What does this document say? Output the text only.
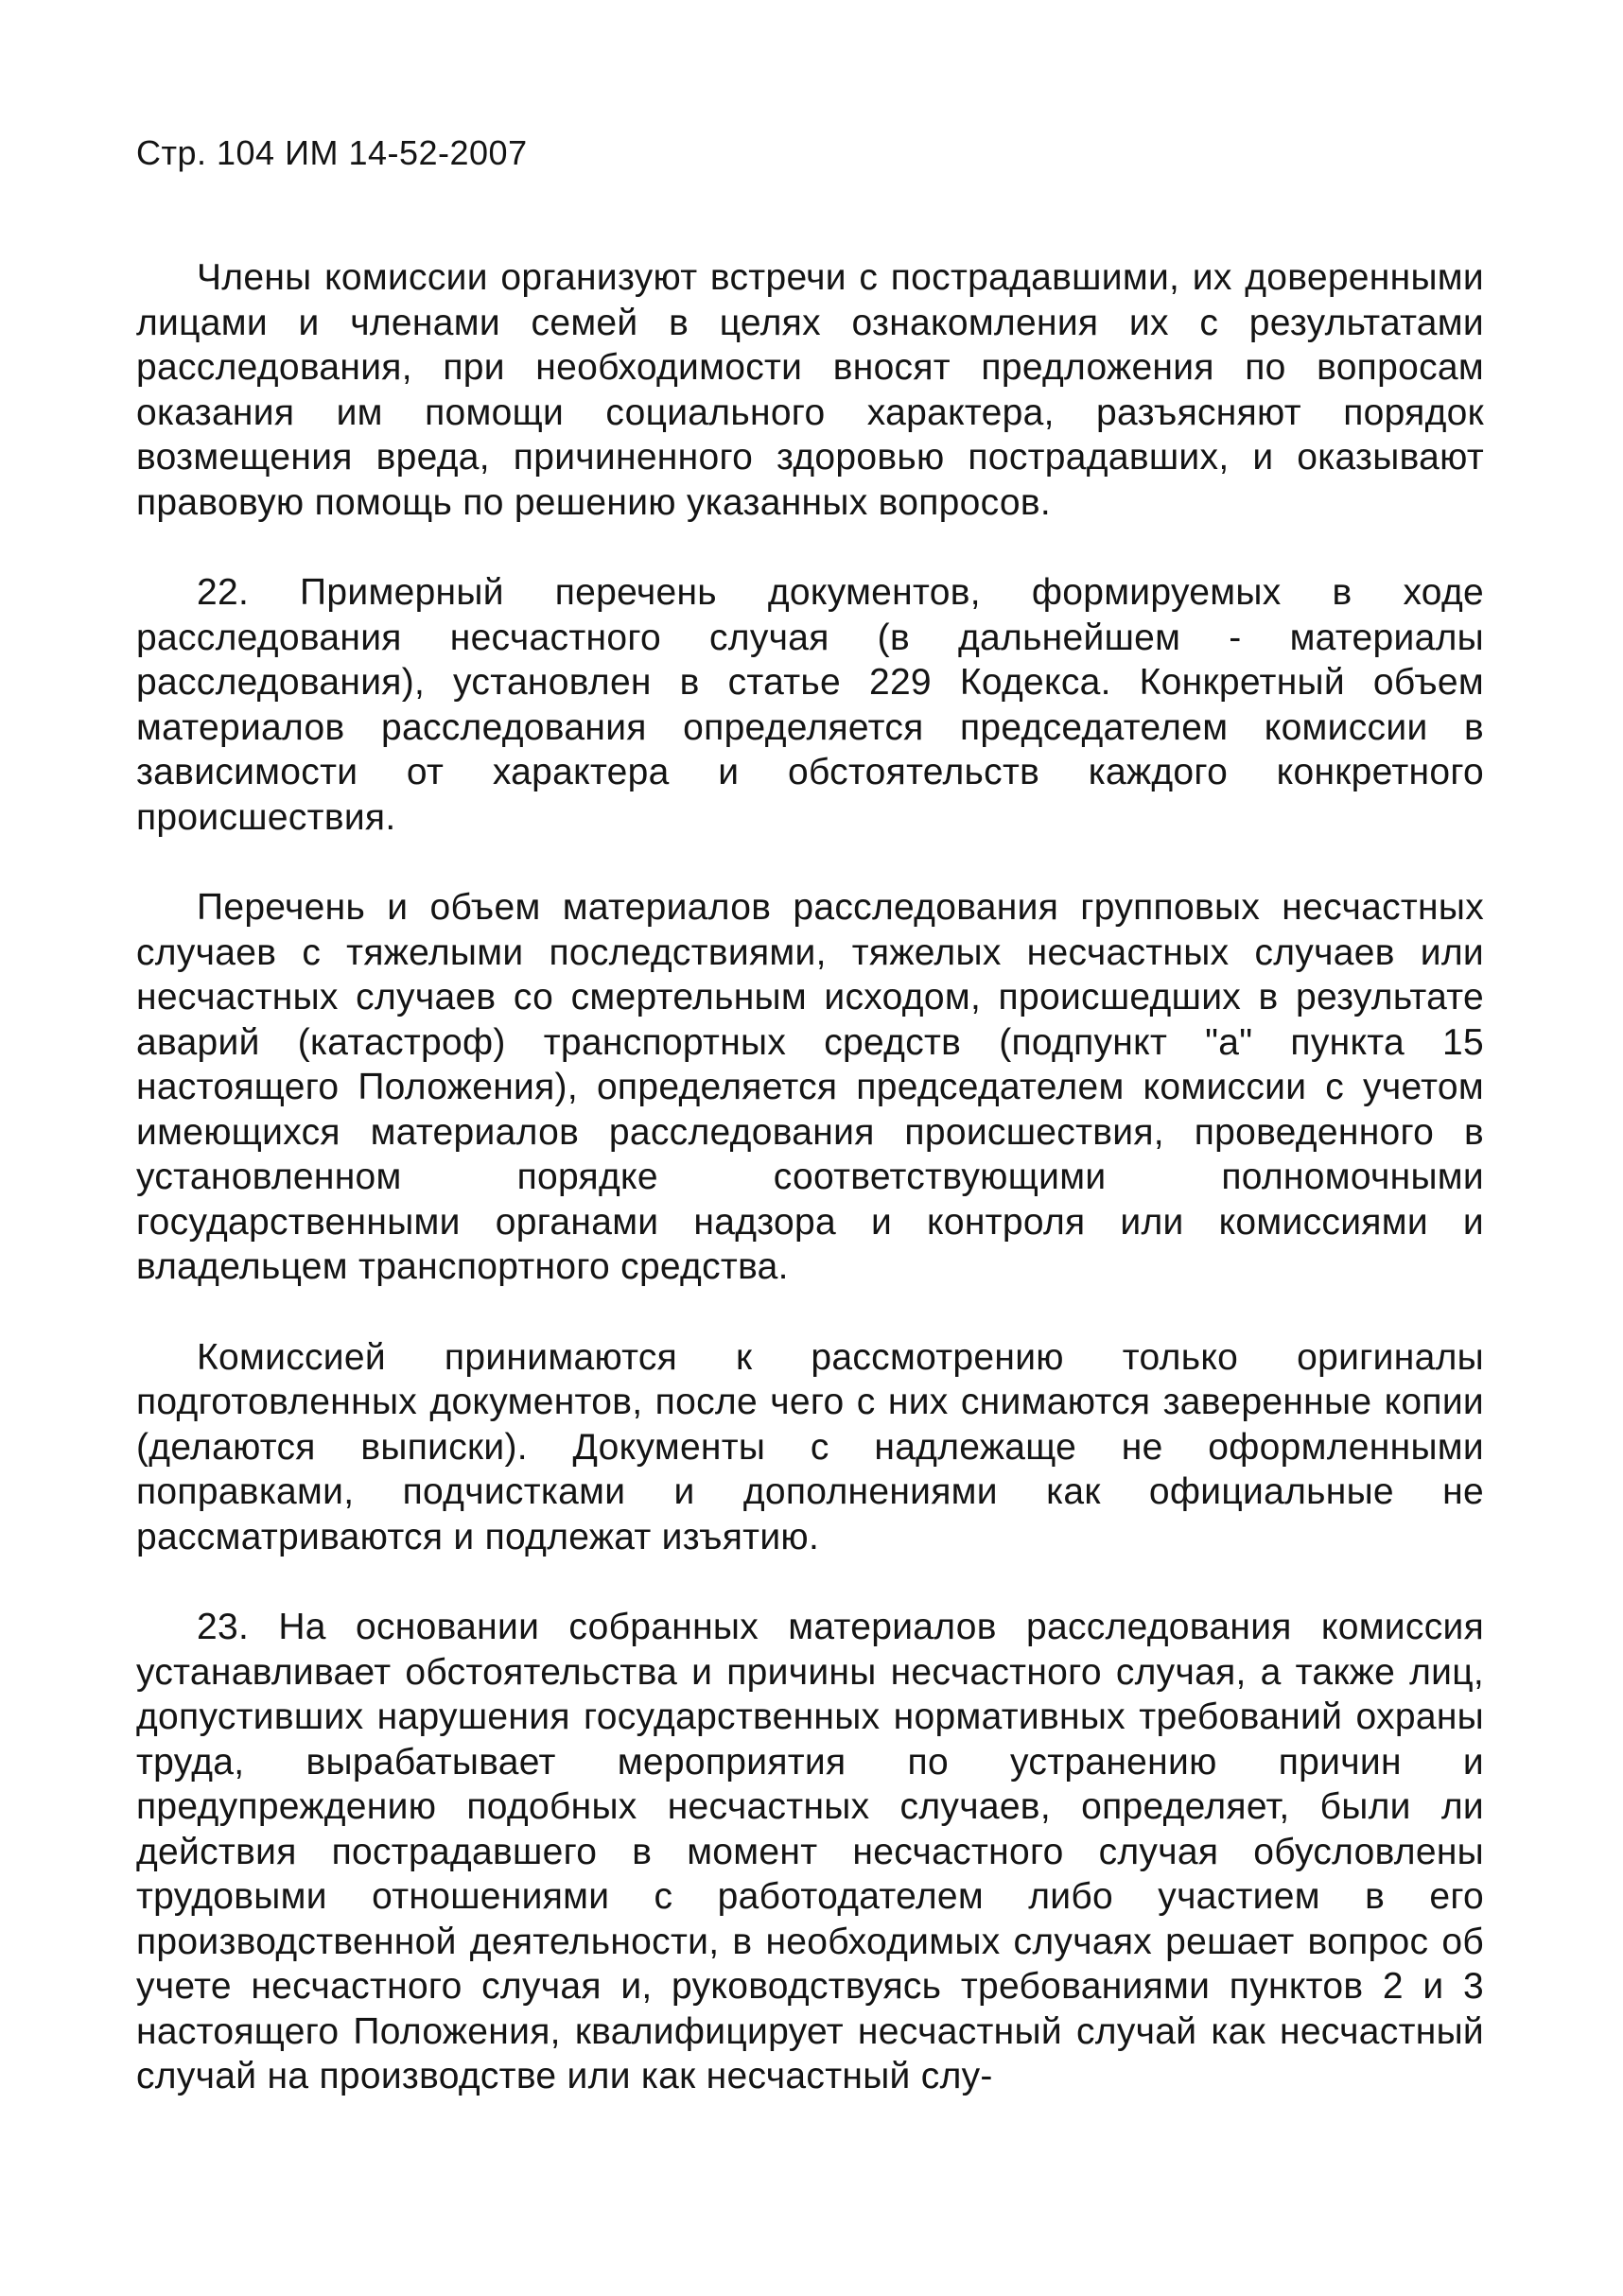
Стр. 104 ИМ 14-52-2007

Члены комиссии организуют встречи с пострадавшими, их доверенными лицами и членами семей в целях ознакомления их с результатами расследования, при необходимости вносят предложения по вопросам оказания им помощи социального характера, разъясняют порядок возмещения вреда, причиненного здоровью пострадавших, и оказывают правовую помощь по решению указанных вопросов.

22. Примерный перечень документов, формируемых в ходе расследования несчастного случая (в дальнейшем - материалы расследования), установлен в статье 229 Кодекса. Конкретный объем материалов расследования определяется председателем комиссии в зависимости от характера и обстоятельств каждого конкретного происшествия.

Перечень и объем материалов расследования групповых несчастных случаев с тяжелыми последствиями, тяжелых несчастных случаев или несчастных случаев со смертельным исходом, происшедших в результате аварий (катастроф) транспортных средств (подпункт "а" пункта 15 настоящего Положения), определяется председателем комиссии с учетом имеющихся материалов расследования происшествия, проведенного в установленном порядке соответствующими полномочными государственными органами надзора и контроля или комиссиями и владельцем транспортного средства.

Комиссией принимаются к рассмотрению только оригиналы подготовленных документов, после чего с них снимаются заверенные копии (делаются выписки). Документы с надлежаще не оформленными поправками, подчистками и дополнениями как официальные не рассматриваются и подлежат изъятию.

23. На основании собранных материалов расследования комиссия устанавливает обстоятельства и причины несчастного случая, а также лиц, допустивших нарушения государственных нормативных требований охраны труда, вырабатывает мероприятия по устранению причин и предупреждению подобных несчастных случаев, определяет, были ли действия пострадавшего в момент несчастного случая обусловлены трудовыми отношениями с работодателем либо участием в его производственной деятельности, в необходимых случаях решает вопрос об учете несчастного случая и, руководствуясь требованиями пунктов 2 и 3 настоящего Положения, квалифицирует несчастный случай как несчастный случай на производстве или как несчастный слу-
